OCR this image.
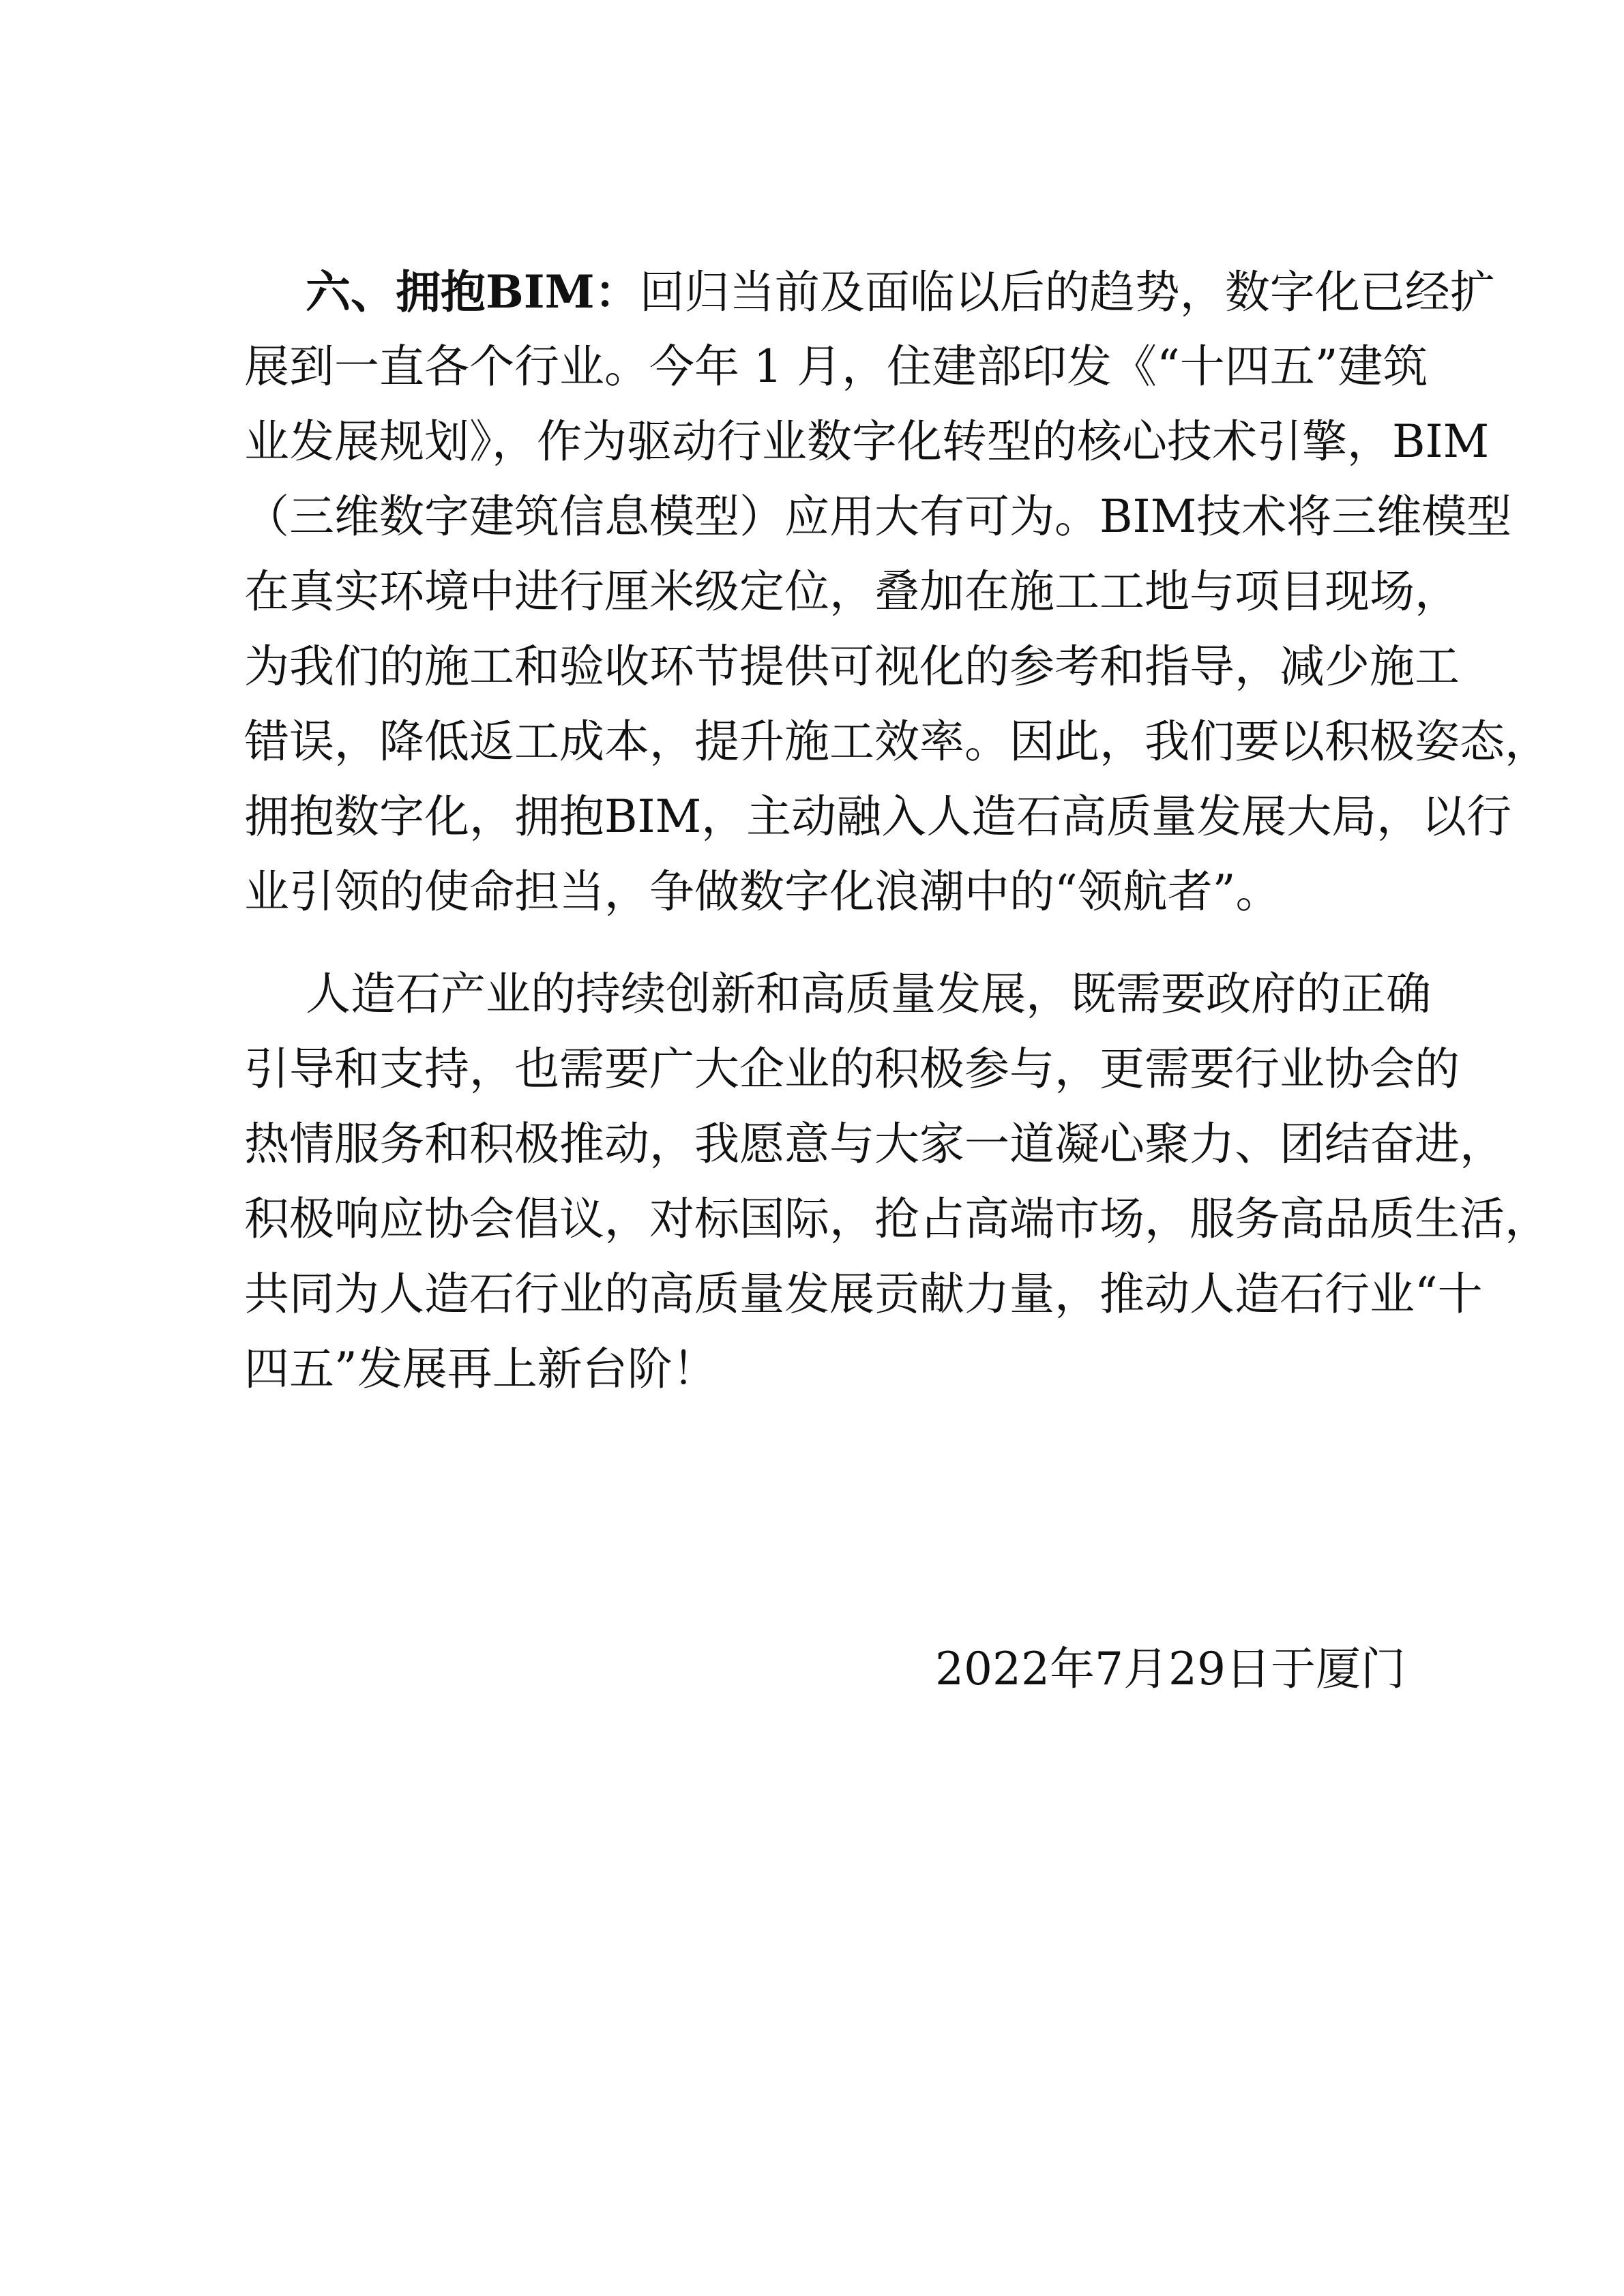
六、拥抱BIM：回归当前及面临以后的趋势，数字化已经扩
展到一直各个行业。今年 1 月，住建部印发《“十四五”建筑
业发展规划》，作为驱动行业数字化转型的核心技术引擎，BIM
（三维数字建筑信息模型）应用大有可为。BIM技术将三维模型
在真实环境中进行厘米级定位，叠加在施工工地与项目现场，
为我们的施工和验收环节提供可视化的参考和指导，减少施工
错误，降低返工成本，提升施工效率。因此，我们要以积极姿态，
拥抱数字化，拥抱BIM，主动融入人造石高质量发展大局，以行
业引领的使命担当，争做数字化浪潮中的“领航者”。
人造石产业的持续创新和高质量发展，既需要政府的正确
引导和支持，也需要广大企业的积极参与，更需要行业协会的
热情服务和积极推动，我愿意与大家一道凝心聚力、团结奋进，
积极响应协会倡议，对标国际，抢占高端市场，服务高品质生活，
共同为人造石行业的高质量发展贡献力量，推动人造石行业“十
四五”发展再上新台阶！
2022年7月29日于厦门
